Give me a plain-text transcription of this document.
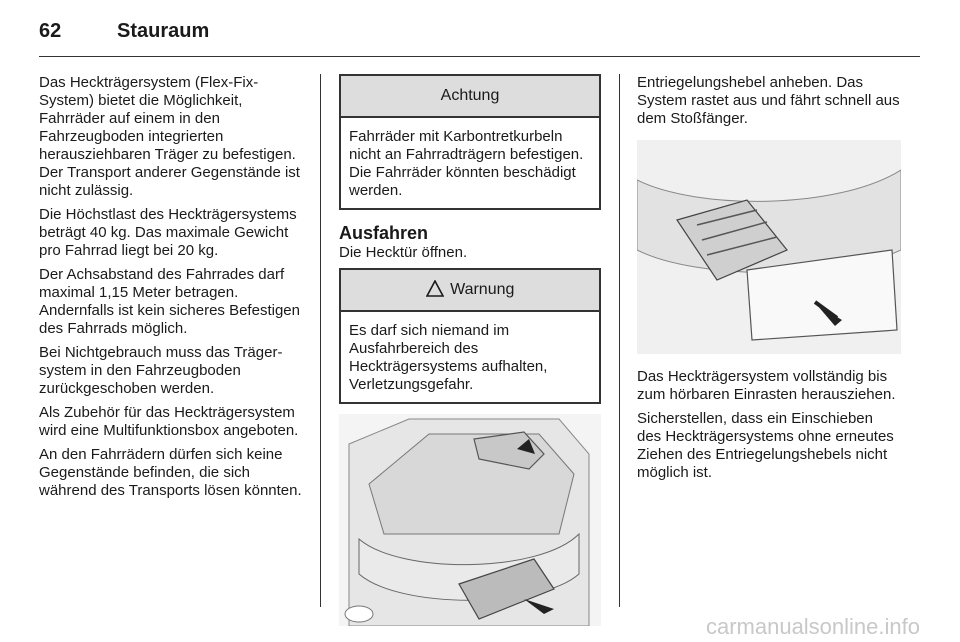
62	Stauraum

Das Heckträgersystem (Flex-Fix-System) bietet die Möglichkeit, Fahrräder auf einem in den Fahrzeugboden integrierten herausziehbaren Träger zu befestigen. Der Transport anderer Gegenstände ist nicht zulässig.

Die Höchstlast des Heckträgersystems beträgt 40 kg. Das maximale Gewicht pro Fahrrad liegt bei 20 kg.

Der Achsabstand des Fahrrades darf maximal 1,15 Meter betragen. Andernfalls ist kein sicheres Befestigen des Fahrrads möglich.

Bei Nichtgebrauch muss das Träger-system in den Fahrzeugboden zurückgeschoben werden.

Als Zubehör für das Heckträgersystem wird eine Multifunktionsbox angeboten.

An den Fahrrädern dürfen sich keine Gegenstände befinden, die sich während des Transports lösen könnten.

Achtung
Fahrräder mit Karbontretkurbeln nicht an Fahrradträgern befestigen. Die Fahrräder könnten beschädigt werden.
Ausfahren

Die Hecktür öffnen.

Warnung
Es darf sich niemand im Ausfahrbereich des Heckträgersystems aufhalten, Verletzungsgefahr.

Entriegelungshebel anheben. Das System rastet aus und fährt schnell aus dem Stoßfänger.

Das Heckträgersystem vollständig bis zum hörbaren Einrasten herausziehen.

Sicherstellen, dass ein Einschieben des Heckträgersystems ohne erneutes Ziehen des Entriegelungshebels nicht möglich ist.

carmanualsonline.info
